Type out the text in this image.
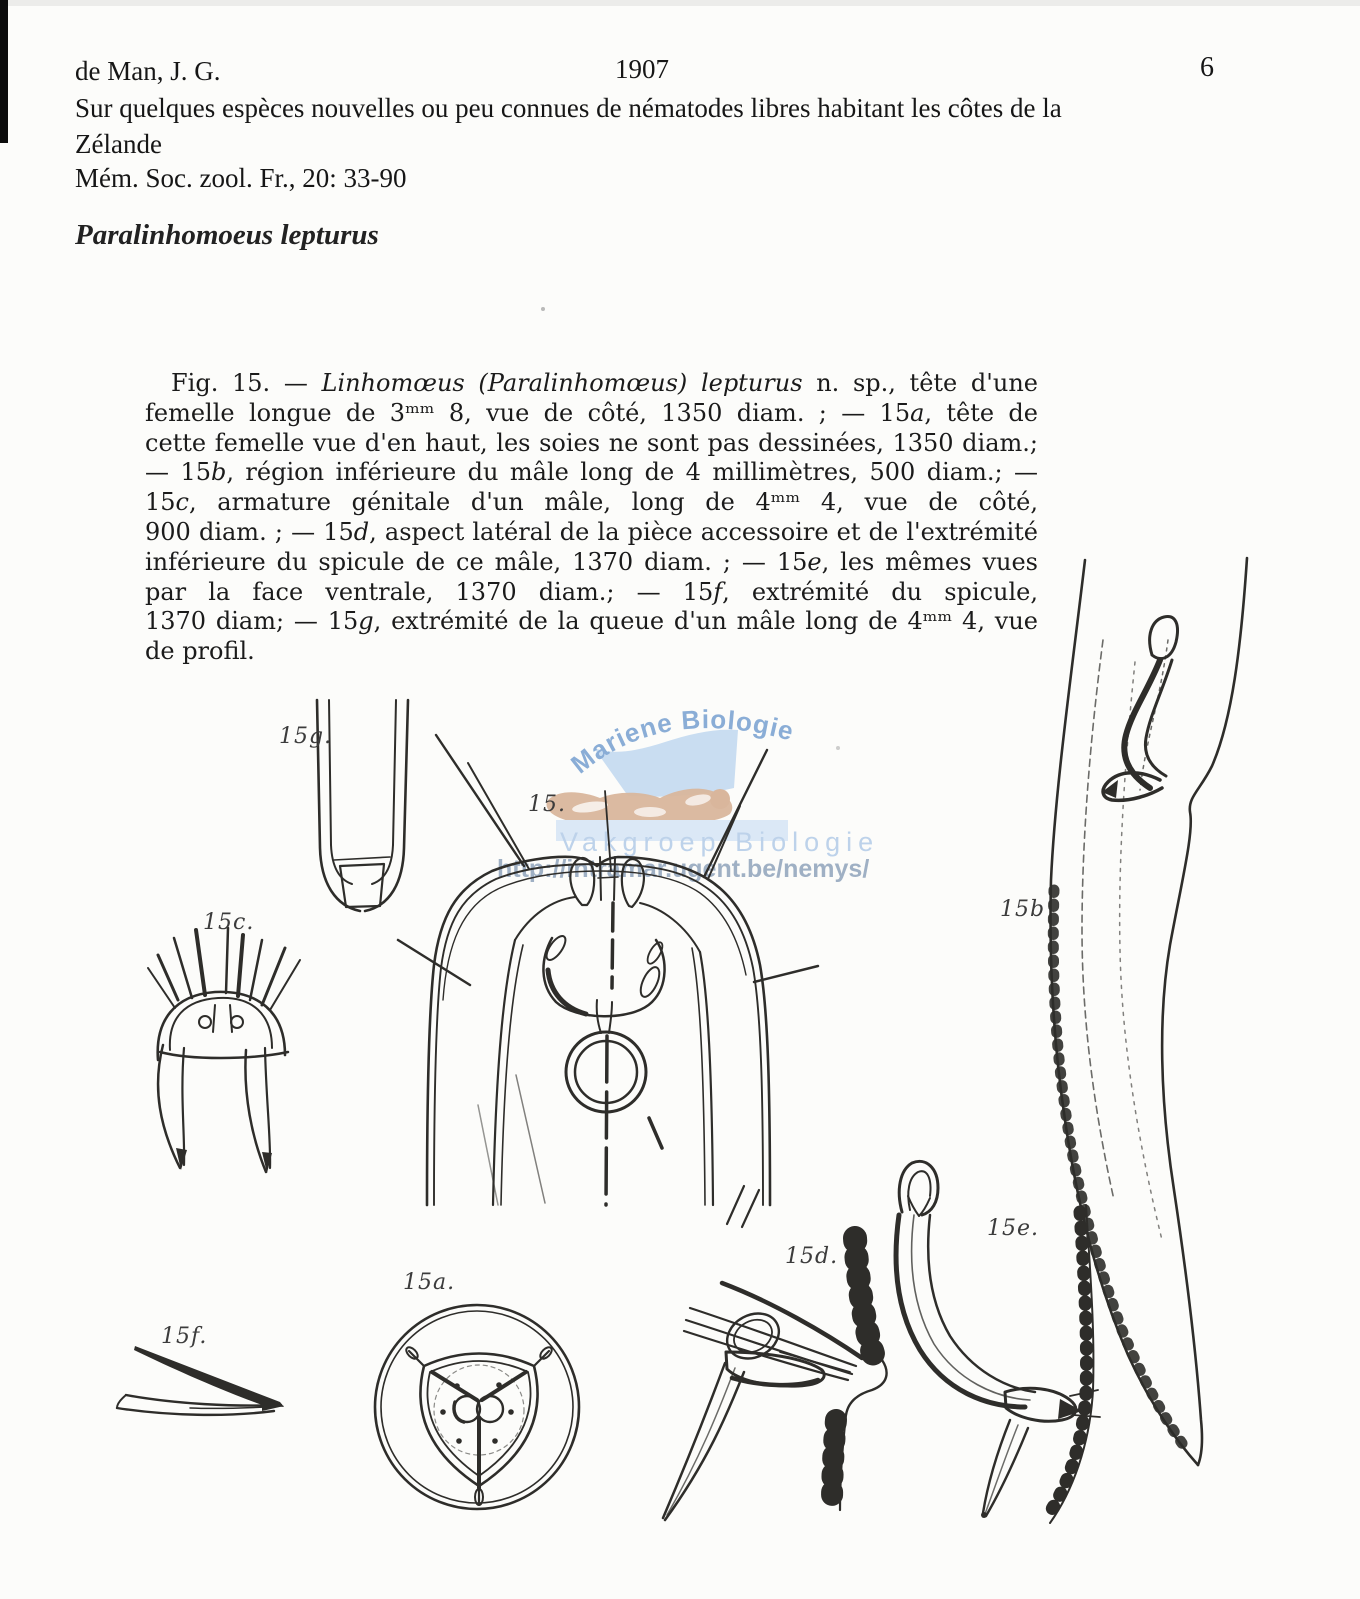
de Man, J. G.	1907	6
Sur quelques espèces nouvelles ou peu connues de nématodes libres habitant les côtes de la
Zélande
Mém. Soc. zool. Fr., 20: 33-90
Paralinhomoeus lepturus
Fig. 15. — Linhomœus (Paralinhomœus) lepturus n. sp., tête d'une
femelle longue de 3ᵐᵐ 8, vue de côté, 1350 diam. ; — 15a, tête de
cette femelle vue d'en haut, les soies ne sont pas dessinées, 1350 diam.;
— 15b, région inférieure du mâle long de 4 millimètres, 500 diam.; —
15c, armature génitale d'un mâle, long de 4ᵐᵐ 4, vue de côté,
900 diam. ; — 15d, aspect latéral de la pièce accessoire et de l'extrémité
inférieure du spicule de ce mâle, 1370 diam. ; — 15e, les mêmes vues
par la face ventrale, 1370 diam.; — 15f, extrémité du spicule,
1370 diam; — 15g, extrémité de la queue d'un mâle long de 4ᵐᵐ 4, vue
de profil.
15g.
15c.
15.
15b
15d.
15e.
15a.
15f.
Mariene Biologie
Vakgroep Biologie
http://intramar.ugent.be/nemys/
